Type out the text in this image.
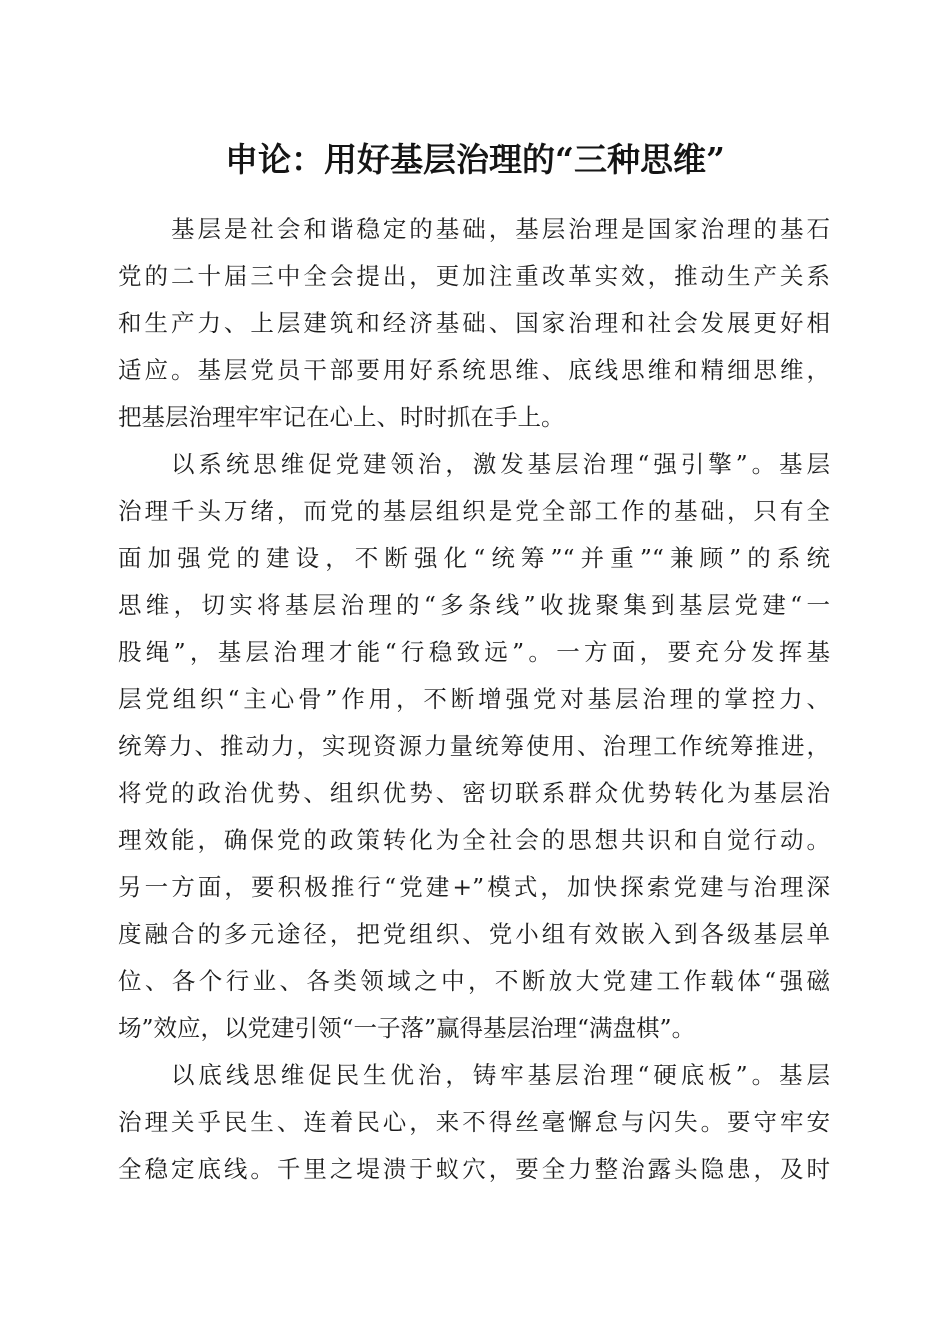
申论：用好基层治理的“三种思维”
基层是社会和谐稳定的基础，基层治理是国家治理的基石
党的二十届三中全会提出，更加注重改革实效，推动生产关系
和生产力、上层建筑和经济基础、国家治理和社会发展更好相
适应。基层党员干部要用好系统思维、底线思维和精细思维，
把基层治理牢牢记在心上、时时抓在手上。
以系统思维促党建领治，激发基层治理“强引擎”。基层
治理千头万绪，而党的基层组织是党全部工作的基础，只有全
面加强党的建设，不断强化“统筹”“并重”“兼顾”的系统
思维，切实将基层治理的“多条线”收拢聚集到基层党建“一
股绳”，基层治理才能“行稳致远”。一方面，要充分发挥基
层党组织“主心骨”作用，不断增强党对基层治理的掌控力、
统筹力、推动力，实现资源力量统筹使用、治理工作统筹推进，
将党的政治优势、组织优势、密切联系群众优势转化为基层治
理效能，确保党的政策转化为全社会的思想共识和自觉行动。
另一方面，要积极推行“党建+”模式，加快探索党建与治理深
度融合的多元途径，把党组织、党小组有效嵌入到各级基层单
位、各个行业、各类领域之中，不断放大党建工作载体“强磁
场”效应，以党建引领“一子落”赢得基层治理“满盘棋”。
以底线思维促民生优治，铸牢基层治理“硬底板”。基层
治理关乎民生、连着民心，来不得丝毫懈怠与闪失。要守牢安
全稳定底线。千里之堤溃于蚁穴，要全力整治露头隐患，及时
